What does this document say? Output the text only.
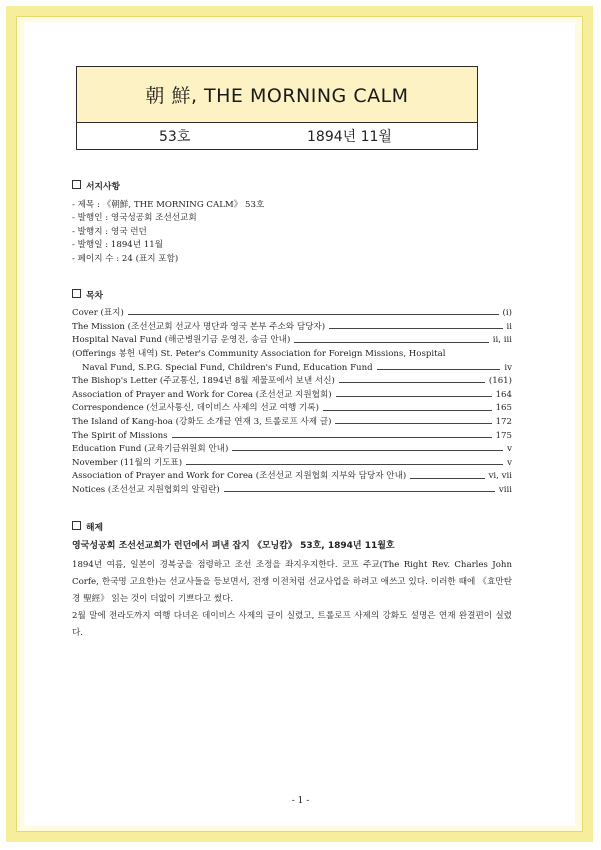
朝 鮮, THE MORNING CALM
53호	1894년 11월
서지사항
- 제목 : 《朝鮮, THE MORNING CALM》 53호
- 발행인 : 영국성공회 조선선교회
- 발행지 : 영국 런던
- 발행일 : 1894년 11월
- 페이지 수 : 24 (표지 포함)
목차
Cover (표지)	(i)
The Mission (조선선교회 선교사 명단과 영국 본부 주소와 담당자)	ii
Hospital Naval Fund (해군병원기금 운영진, 송금 안내)	ii, iii
(Offerings 봉헌 내역) St. Peter's Community Association for Foreign Missions, Hospital
Naval Fund, S.P.G. Special Fund, Children's Fund, Education Fund	iv
The Bishop's Letter (주교통신, 1894년 8월 제물포에서 보낸 서신)	(161)
Association of Prayer and Work for Corea (조선선교 지원협회)	164
Correspondence (선교사통신, 데이비스 사제의 선교 여행 기록)	165
The Island of Kang-hoa (강화도 소개글 연재 3, 트롤로프 사제 글)	172
The Spirit of Missions	175
Education Fund (교육기금위원회 안내)	v
November (11월의 기도표)	v
Association of Prayer and Work for Corea (조선선교 지원협회 지부와 담당자 안내)	vi, vii
Notices (조선선교 지원협회의 알림란)	viii
해제
영국성공회 조선선교회가 런던에서 펴낸 잡지 《모닝캄》 53호, 1894년 11월호
1894년 여름, 일본이 경복궁을 점령하고 조선 조정을 좌지우지한다. 코프 주교(The Right Rev. Charles John Corfe, 한국명 고요한)는 선교사들을 등보면서, 전쟁 이전처럼 선교사업을 하려고 애쓰고 있다. 이러한 때에 《효만탄경 聖經》 읽는 것이 더없이 기쁘다고 썼다.
2월 말에 전라도까지 여행 다녀온 데이비스 사제의 글이 실렸고, 트롤로프 사제의 강화도 설명은 연재 완결편이 실렸다.
- 1 -
